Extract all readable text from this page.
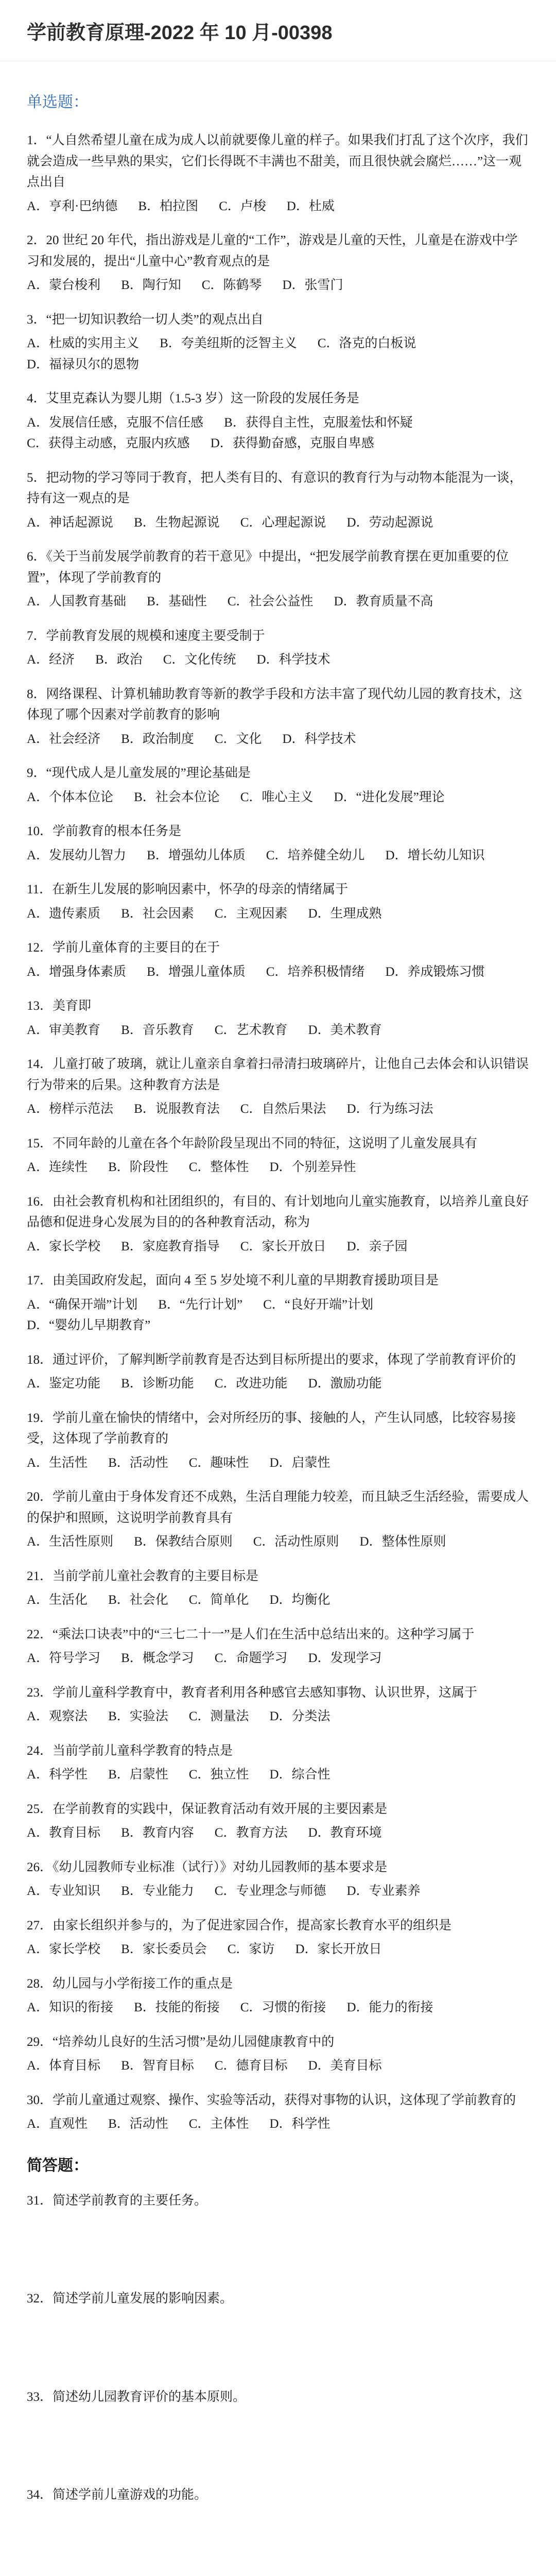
学前教育原理-2022 年 10 月-00398
单选题：

1．“人自然希望儿童在成为成人以前就要像儿童的样子。如果我们打乱了这个次序，我们就会造成一些早熟的果实，它们长得既不丰满也不甜美，而且很快就会腐烂……”这一观点出自

A．亨利·巴纳德 B．柏拉图 C．卢梭 D．杜威

2．20 世纪 20 年代，指出游戏是儿童的“工作”，游戏是儿童的天性，儿童是在游戏中学习和发展的，提出“儿童中心”教育观点的是

A．蒙台梭利 B．陶行知 C．陈鹤琴 D．张雪门

3．“把一切知识教给一切人类”的观点出自

A．杜威的实用主义 B．夸美纽斯的泛智主义 C．洛克的白板说D．福禄贝尔的恩物

4．艾里克森认为婴儿期（1.5-3 岁）这一阶段的发展任务是

A．发展信任感，克服不信任感 B．获得自主性，克服羞怯和怀疑C．获得主动感，克服内疚感 D．获得勤奋感，克服自卑感

5．把动物的学习等同于教育，把人类有目的、有意识的教育行为与动物本能混为一谈，持有这一观点的是

A．神话起源说 B．生物起源说 C．心理起源说 D．劳动起源说

6．《关于当前发展学前教育的若干意见》中提出，“把发展学前教育摆在更加重要的位置”，体现了学前教育的

A．人国教育基础 B．基础性 C．社会公益性 D．教育质量不高

7．学前教育发展的规模和速度主要受制于

A．经济 B．政治 C．文化传统 D．科学技术

8．网络课程、计算机辅助教育等新的教学手段和方法丰富了现代幼儿园的教育技术，这体现了哪个因素对学前教育的影响

A．社会经济 B．政治制度 C．文化 D．科学技术

9．“现代成人是儿童发展的”理论基础是

A．个体本位论 B．社会本位论 C．唯心主义 D．“进化发展”理论

10．学前教育的根本任务是

A．发展幼儿智力 B．增强幼儿体质 C．培养健全幼儿 D．增长幼儿知识

11．在新生儿发展的影响因素中，怀孕的母亲的情绪属于

A．遗传素质 B．社会因素 C．主观因素 D．生理成熟

12．学前儿童体育的主要目的在于

A．增强身体素质 B．增强儿童体质 C．培养积极情绪 D．养成锻炼习惯

13．美育即

A．审美教育 B．音乐教育 C．艺术教育 D．美术教育

14．儿童打破了玻璃，就让儿童亲自拿着扫帚清扫玻璃碎片，让他自己去体会和认识错误行为带来的后果。这种教育方法是

A．榜样示范法 B．说服教育法 C．自然后果法 D．行为练习法

15．不同年龄的儿童在各个年龄阶段呈现出不同的特征，这说明了儿童发展具有

A．连续性 B．阶段性 C．整体性 D．个别差异性

16．由社会教育机构和社团组织的，有目的、有计划地向儿童实施教育，以培养儿童良好品德和促进身心发展为目的的各种教育活动，称为

A．家长学校 B．家庭教育指导 C．家长开放日 D．亲子园

17．由美国政府发起，面向 4 至 5 岁处境不利儿童的早期教育援助项目是

A．“确保开端”计划 B．“先行计划” C．“良好开端”计划D．“婴幼儿早期教育”

18．通过评价，了解判断学前教育是否达到目标所提出的要求，体现了学前教育评价的

A．鉴定功能 B．诊断功能 C．改进功能 D．激励功能

19．学前儿童在愉快的情绪中，会对所经历的事、接触的人，产生认同感，比较容易接受，这体现了学前教育的

A．生活性 B．活动性 C．趣味性 D．启蒙性

20．学前儿童由于身体发育还不成熟，生活自理能力较差，而且缺乏生活经验，需要成人的保护和照顾，这说明学前教育具有

A．生活性原则 B．保教结合原则 C．活动性原则 D．整体性原则

21．当前学前儿童社会教育的主要目标是

A．生活化 B．社会化 C．简单化 D．均衡化

22．“乘法口诀表”中的“三七二十一”是人们在生活中总结出来的。这种学习属于

A．符号学习 B．概念学习 C．命题学习 D．发现学习

23．学前儿童科学教育中，教育者利用各种感官去感知事物、认识世界，这属于

A．观察法 B．实验法 C．测量法 D．分类法

24．当前学前儿童科学教育的特点是

A．科学性 B．启蒙性 C．独立性 D．综合性

25．在学前教育的实践中，保证教育活动有效开展的主要因素是

A．教育目标 B．教育内容 C．教育方法 D．教育环境

26．《幼儿园教师专业标准（试行）》对幼儿园教师的基本要求是

A．专业知识 B．专业能力 C．专业理念与师德 D．专业素养

27．由家长组织并参与的，为了促进家园合作，提高家长教育水平的组织是

A．家长学校 B．家长委员会 C．家访 D．家长开放日

28．幼儿园与小学衔接工作的重点是

A．知识的衔接 B．技能的衔接 C．习惯的衔接 D．能力的衔接

29．“培养幼儿良好的生活习惯”是幼儿园健康教育中的

A．体育目标 B．智育目标 C．德育目标 D．美育目标

30．学前儿童通过观察、操作、实验等活动，获得对事物的认识，这体现了学前教育的

A．直观性 B．活动性 C．主体性 D．科学性
简答题：
31．简述学前教育的主要任务。
32．简述学前儿童发展的影响因素。
33．简述幼儿园教育评价的基本原则。
34．简述学前儿童游戏的功能。
